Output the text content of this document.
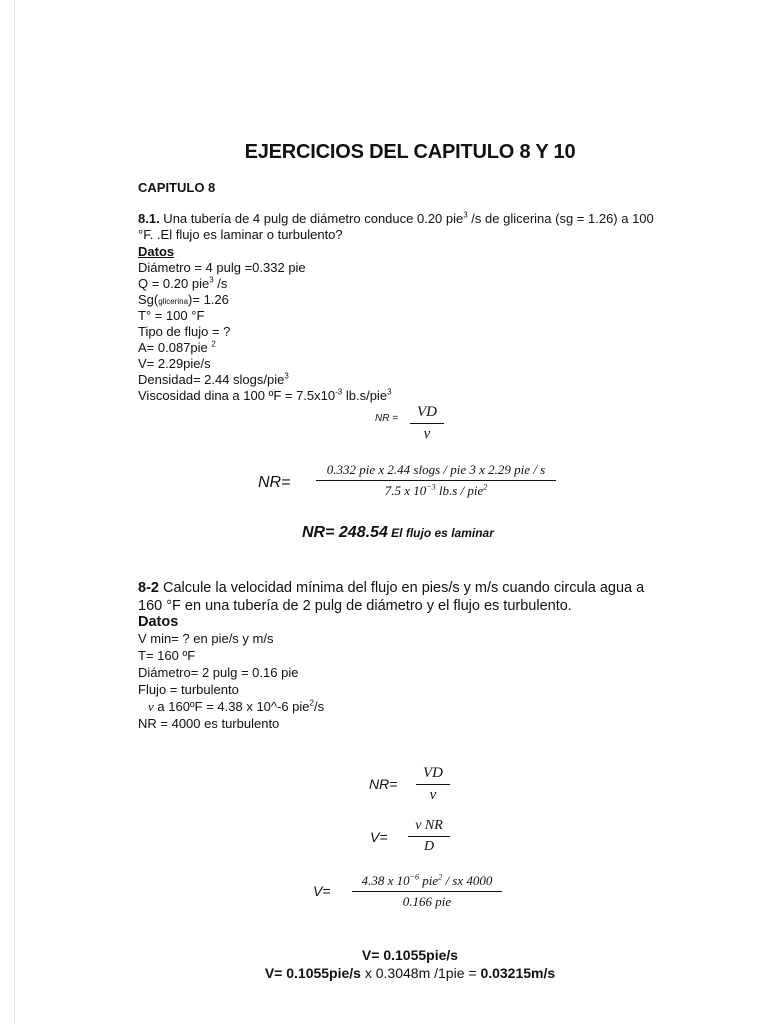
EJERCICIOS DEL CAPITULO 8 Y 10
CAPITULO 8
8.1. Una tubería de 4 pulg de diámetro conduce 0.20 pie$^3$ /s de glicerina (sg = 1.26) a 100
°F. .El flujo es laminar o turbulento?
Datos
Diámetro = 4 pulg =0.332 pie
Q = 0.20 pie$^3$ /s
Sg(glicerina)= 1.26
T° = 100 °F
Tipo de flujo = ?
A= 0.087pie $^2$
V= 2.29pie/s
Densidad= 2.44 slogs/pie$^3$
Viscosidad dina a 100 ºF = $7.5x10^{-3}$ lb.s/pie$^3$
NR =	VD
v
NR=
0.332 pie x 2.44 slogs / pie 3 x 2.29 pie / s
7.5 x $10^{-3}$ lb.s / pie$^2$
NR= 248.54 El flujo es laminar
8-2 Calcule la velocidad mínima del flujo en pies/s y m/s cuando circula agua a
160 °F en una tubería de 2 pulg de diámetro y el flujo es turbulento.
Datos
V min= ? en pie/s y m/s
T= 160 ºF
Diámetro= 2 pulg = 0.16 pie
Flujo = turbulento
v a 160ºF = 4.38 x 10^-6 pie$^2$/s
NR = 4000 es turbulento
NR=
VD
v
V=
v NR
D
V=
4.38 x $10^{-6}$ pie$^2$ / sx 4000
0.166 pie
V= 0.1055pie/s
V= 0.1055pie/s x 0.3048m /1pie = 0.03215m/s
